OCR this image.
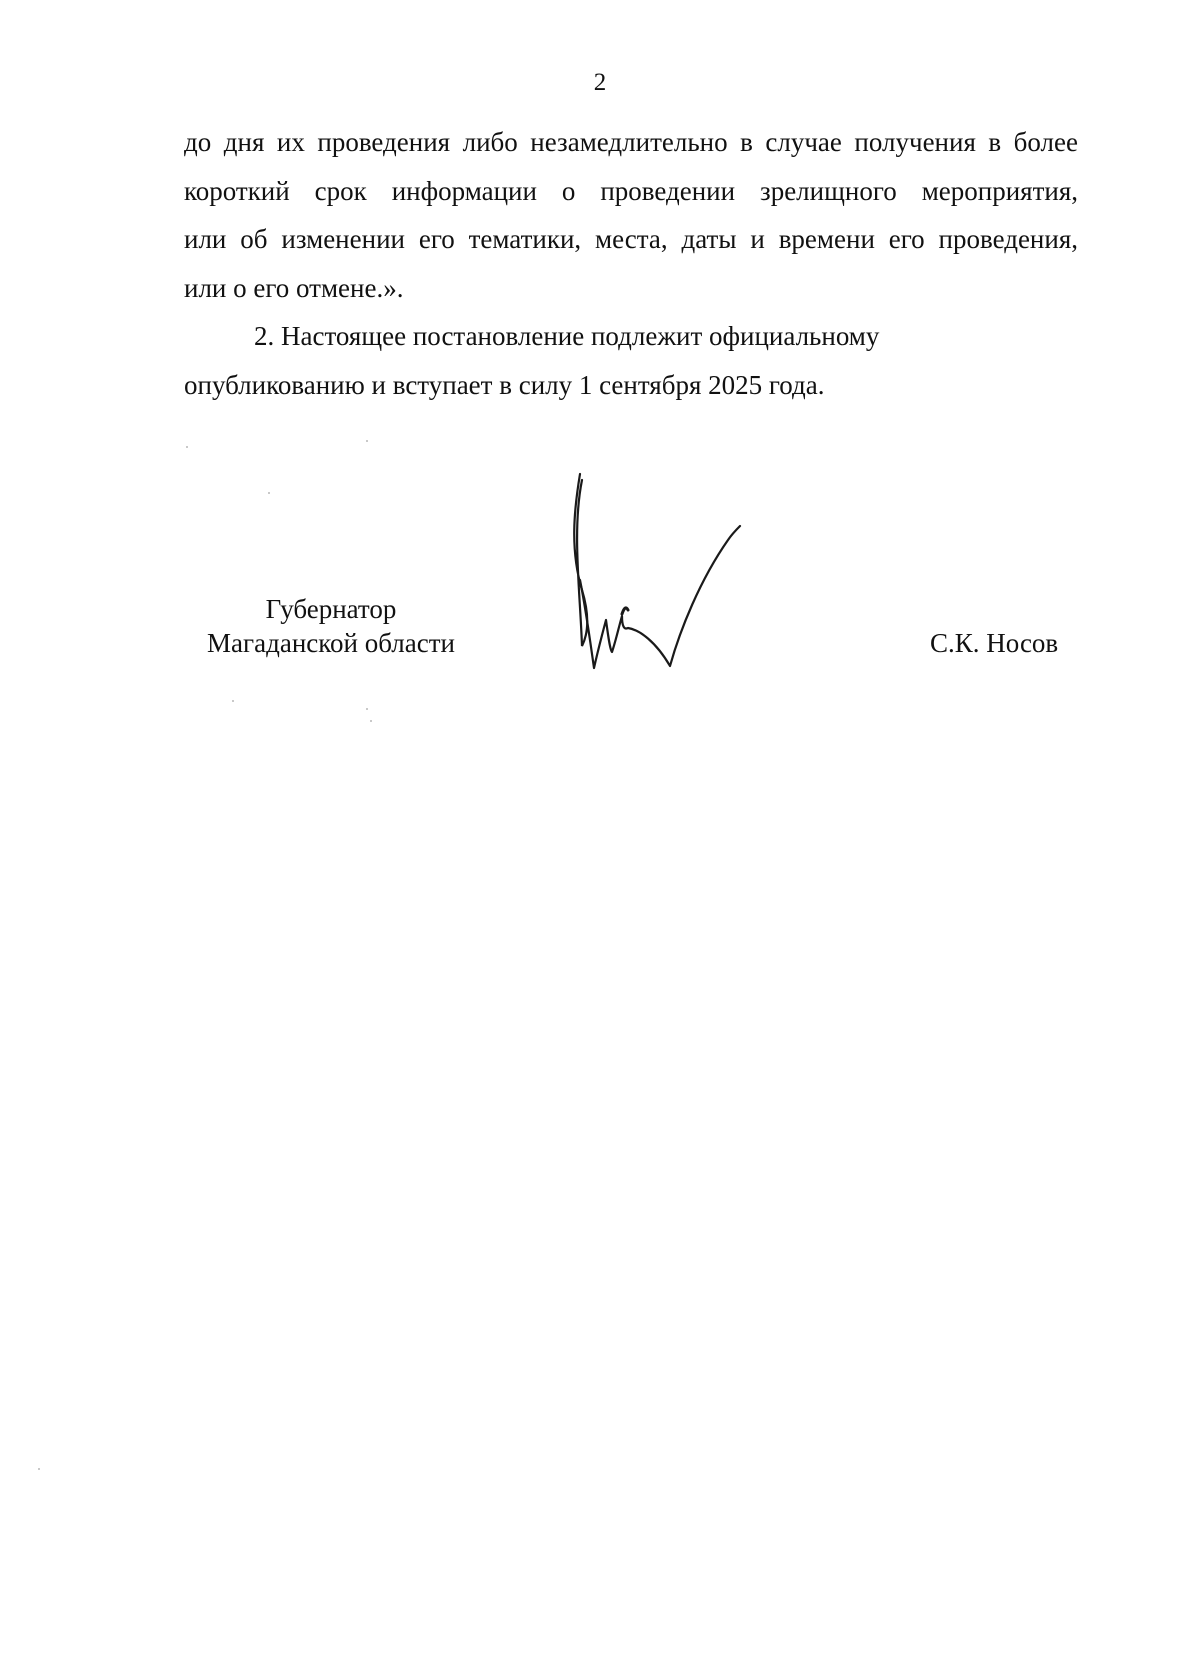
2
до дня их проведения либо незамедлительно в случае получения в более
короткий срок информации о проведении зрелищного мероприятия,
или об изменении его тематики, места, даты и времени его проведения,
или о его отмене.».
2. Настоящее постановление подлежит официальному
опубликованию и вступает в силу 1 сентября 2025 года.
Губернатор
Магаданской области	С.К. Носов
